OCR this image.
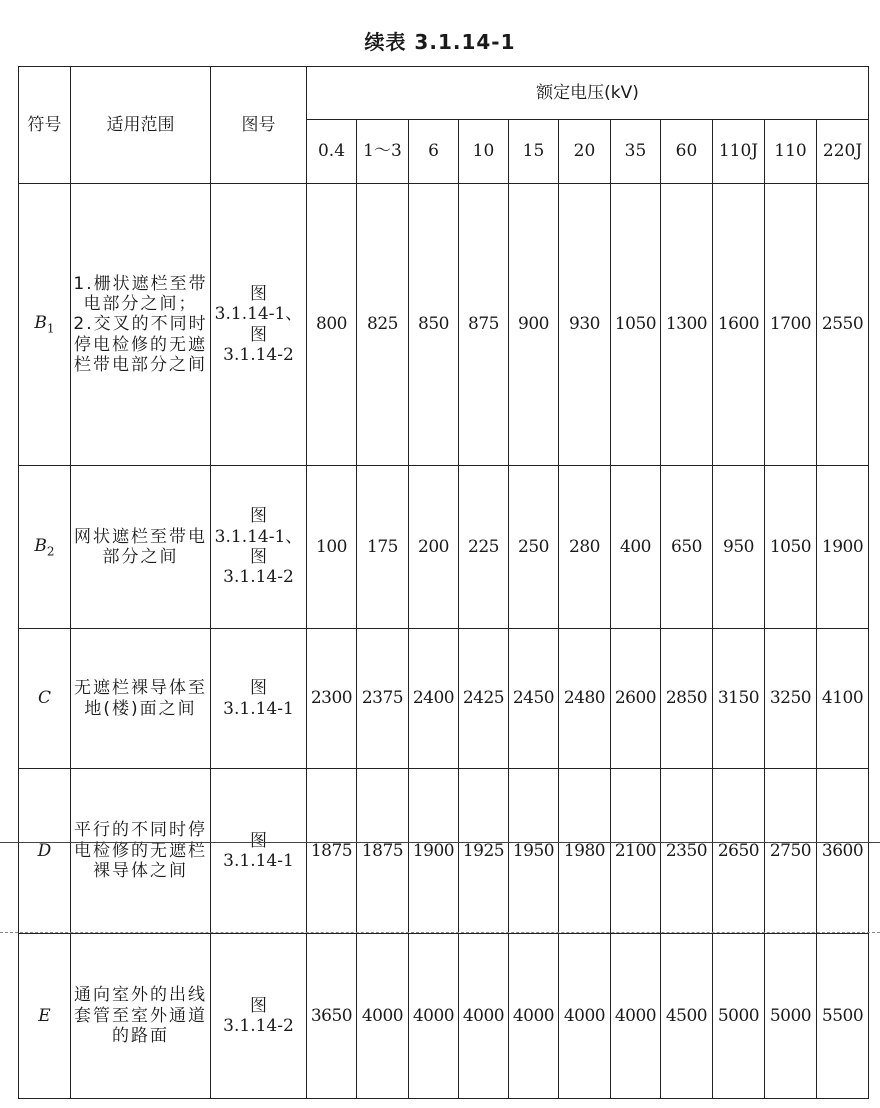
续表 3.1.14-1
符号	适用范围	图号	额定电压(kV)										
			0.4	1～3	6	10	15	20	35	60	110J	110	220J
$B_1$	1.栅状遮栏至带电部分之间；
2.交叉的不同时停电检修的无遮栏带电部分之间	图
3.1.14-1、
图
3.1.14-2	800	825	850	875	900	930	1050	1300	1600	1700	2550
$B_2$	网状遮栏至带电部分之间	图
3.1.14-1、
图
3.1.14-2	100	175	200	225	250	280	400	650	950	1050	1900
C	无遮栏裸导体至地(楼)面之间	图
3.1.14-1	2300	2375	2400	2425	2450	2480	2600	2850	3150	3250	4100
D	平行的不同时停电检修的无遮栏裸导体之间	图
3.1.14-1	1875	1875	1900	1925	1950	1980	2100	2350	2650	2750	3600
E	通向室外的出线套管至室外通道的路面	图
3.1.14-2	3650	4000	4000	4000	4000	4000	4000	4500	5000	5000	5500
